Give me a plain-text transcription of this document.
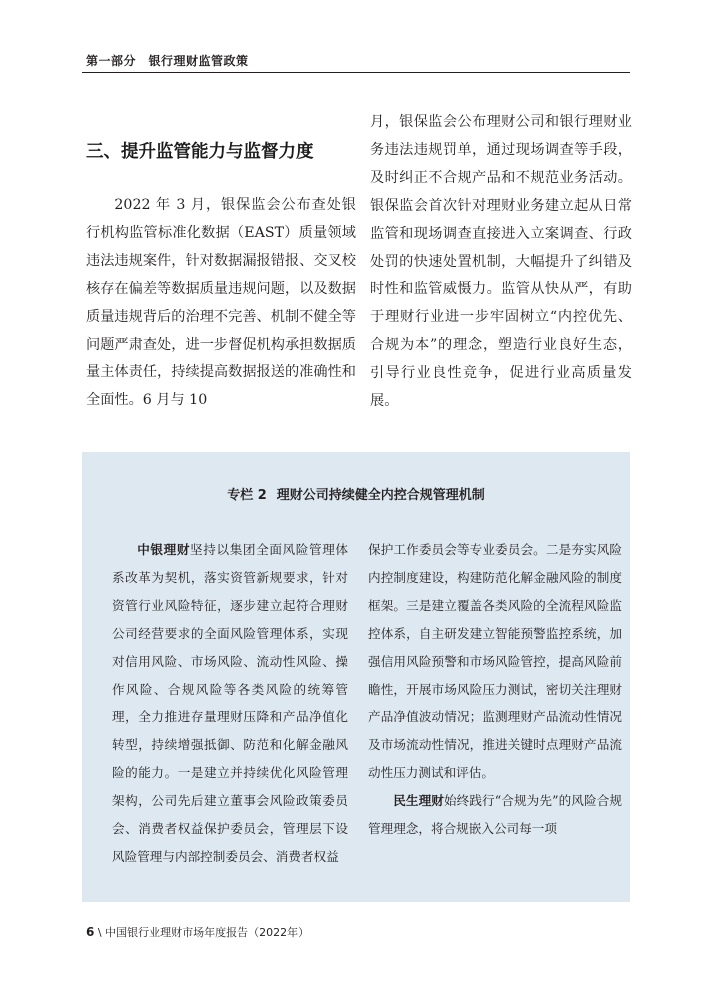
第一部分　银行理财监管政策
三、提升监管能力与监督力度

2022 年 3 月，银保监会公布查处银行机构监管标准化数据（EAST）质量领域违法违规案件，针对数据漏报错报、交叉校核存在偏差等数据质量违规问题，以及数据质量违规背后的治理不完善、机制不健全等问题严肃查处，进一步督促机构承担数据质量主体责任，持续提高数据报送的准确性和全面性。6 月与 10

月，银保监会公布理财公司和银行理财业务违法违规罚单，通过现场调查等手段，及时纠正不合规产品和不规范业务活动。银保监会首次针对理财业务建立起从日常监管和现场调查直接进入立案调查、行政处罚的快速处置机制，大幅提升了纠错及时性和监管威慑力。监管从快从严，有助于理财行业进一步牢固树立“内控优先、合规为本”的理念，塑造行业良好生态，引导行业良性竞争，促进行业高质量发展。

专栏 2 理财公司持续健全内控合规管理机制

中银理财坚持以集团全面风险管理体系改革为契机，落实资管新规要求，针对资管行业风险特征，逐步建立起符合理财公司经营要求的全面风险管理体系，实现对信用风险、市场风险、流动性风险、操作风险、合规风险等各类风险的统筹管理，全力推进存量理财压降和产品净值化转型，持续增强抵御、防范和化解金融风险的能力。一是建立并持续优化风险管理架构，公司先后建立董事会风险政策委员会、消费者权益保护委员会，管理层下设风险管理与内部控制委员会、消费者权益

保护工作委员会等专业委员会。二是夯实风险内控制度建设，构建防范化解金融风险的制度框架。三是建立覆盖各类风险的全流程风险监控体系，自主研发建立智能预警监控系统，加强信用风险预警和市场风险管控，提高风险前瞻性，开展市场风险压力测试，密切关注理财产品净值波动情况；监测理财产品流动性情况及市场流动性情况，推进关键时点理财产品流动性压力测试和评估。

民生理财始终践行“合规为先”的风险合规管理理念，将合规嵌入公司每一项

6 \ 中国银行业理财市场年度报告（2022年）
